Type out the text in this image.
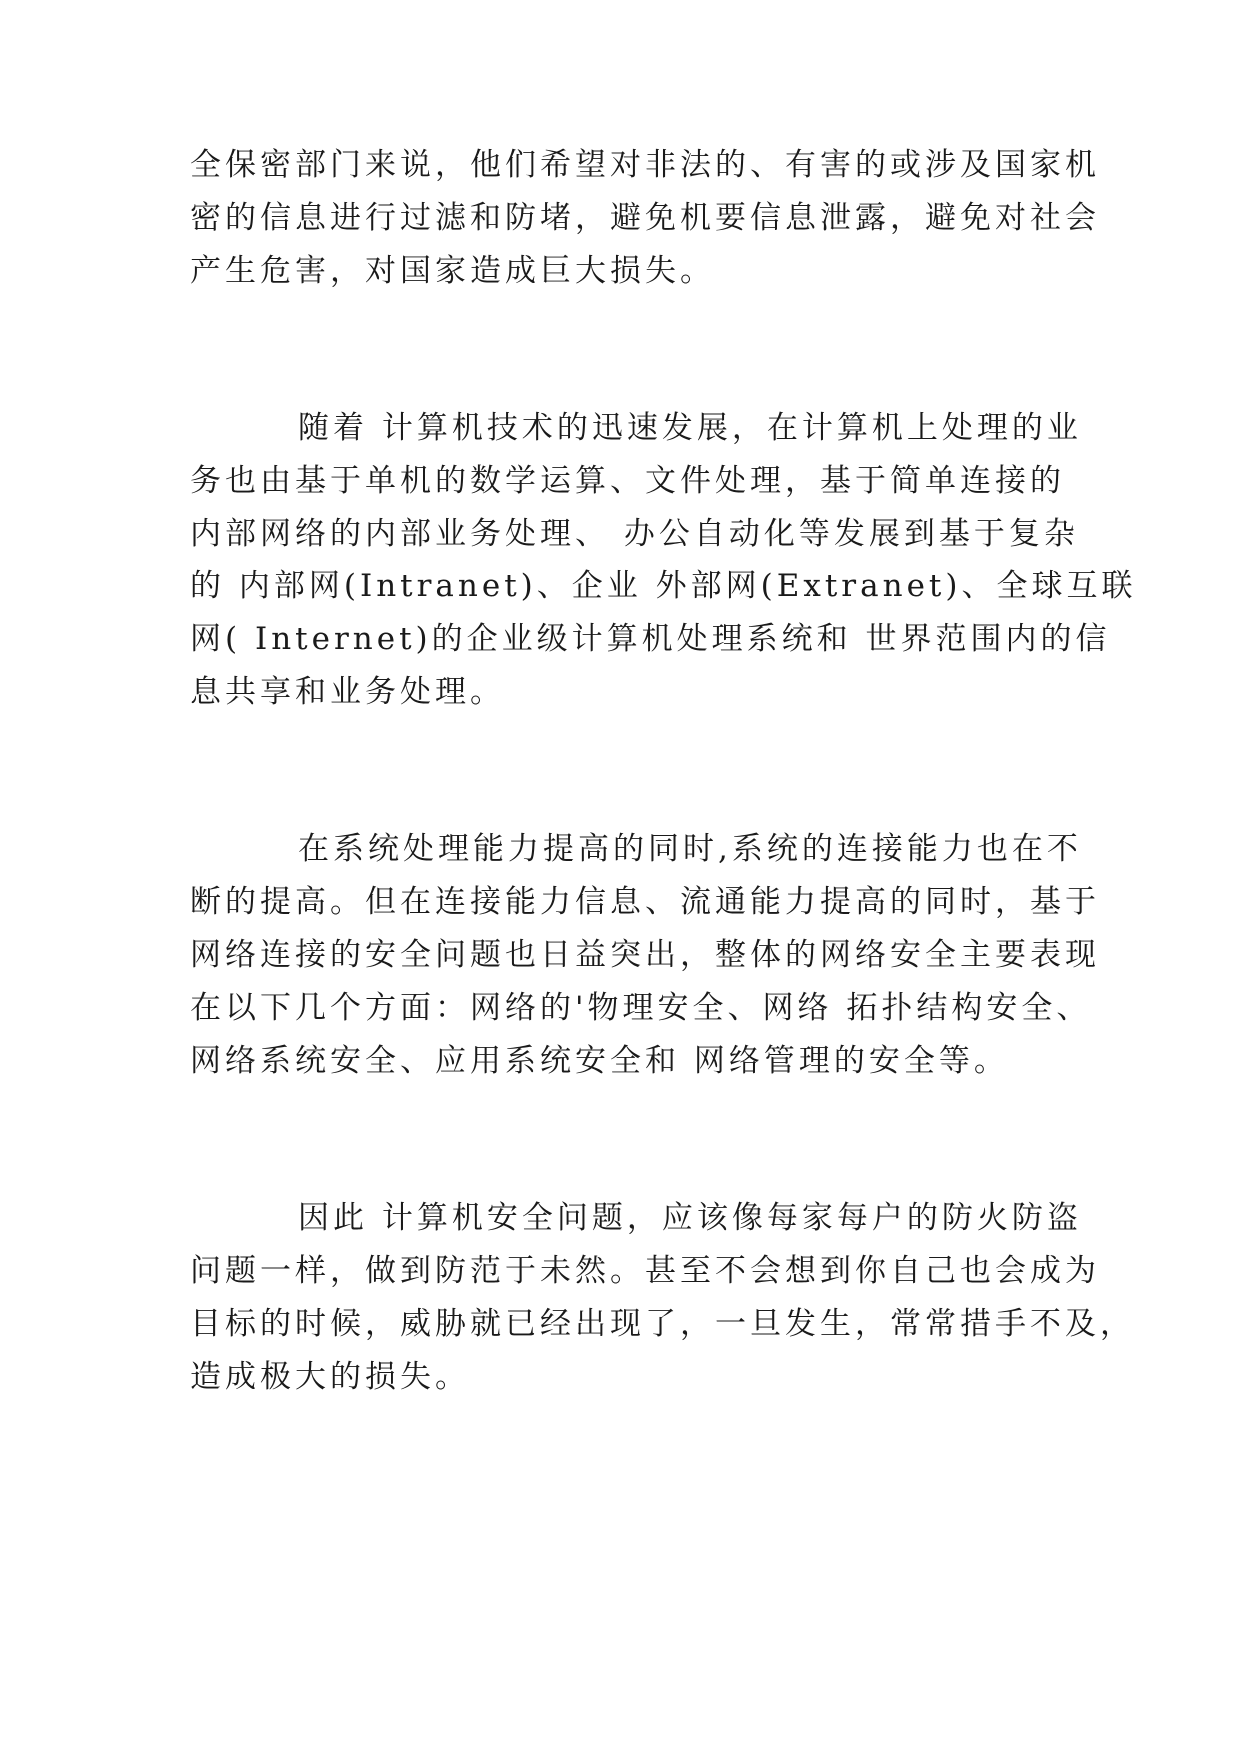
全保密部门来说，他们希望对非法的、有害的或涉及国家机
密的信息进行过滤和防堵，避免机要信息泄露，避免对社会
产生危害，对国家造成巨大损失。
随着 计算机技术的迅速发展，在计算机上处理的业
务也由基于单机的数学运算、文件处理，基于简单连接的
内部网络的内部业务处理、 办公自动化等发展到基于复杂
的 内部网(Intranet)、企业 外部网(Extranet)、全球互联
网( Internet)的企业级计算机处理系统和 世界范围内的信
息共享和业务处理。
在系统处理能力提高的同时,系统的连接能力也在不
断的提高。但在连接能力信息、流通能力提高的同时，基于
网络连接的安全问题也日益突出，整体的网络安全主要表现
在以下几个方面：网络的'物理安全、网络 拓扑结构安全、
网络系统安全、应用系统安全和 网络管理的安全等。
因此 计算机安全问题，应该像每家每户的防火防盗
问题一样，做到防范于未然。甚至不会想到你自己也会成为
目标的时候，威胁就已经出现了，一旦发生，常常措手不及，
造成极大的损失。
